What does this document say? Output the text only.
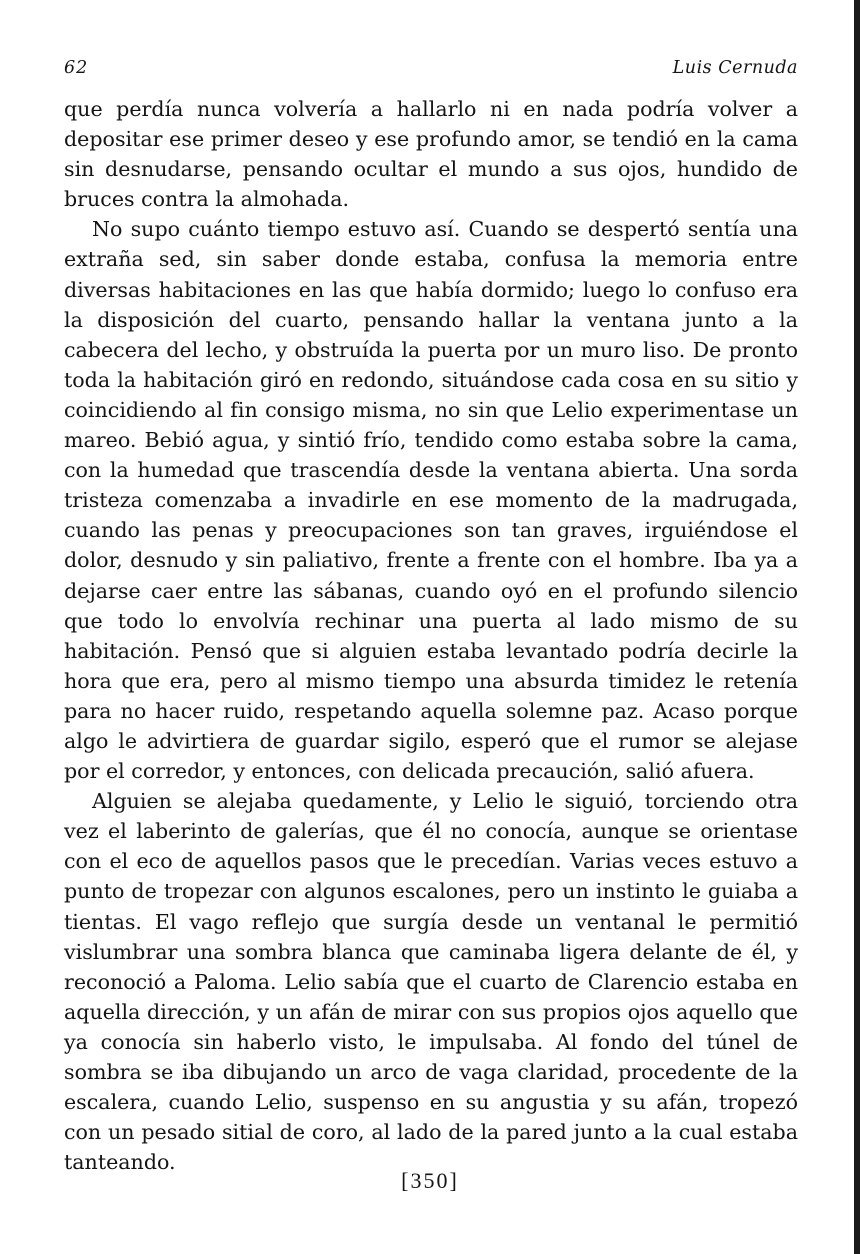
62	Luis Cernuda

que perdía nunca volvería a hallarlo ni en nada podría volver a depositar ese primer deseo y ese profundo amor, se tendió en la cama sin desnudarse, pensando ocultar el mundo a sus ojos, hundido de bruces contra la almohada.

No supo cuánto tiempo estuvo así. Cuando se despertó sentía una extraña sed, sin saber donde estaba, confusa la memoria entre diversas habitaciones en las que había dormido; luego lo confuso era la disposición del cuarto, pensando hallar la ventana junto a la cabecera del lecho, y obstruída la puerta por un muro liso. De pronto toda la habitación giró en redondo, situándose cada cosa en su sitio y coincidiendo al fin consigo misma, no sin que Lelio experimentase un mareo. Bebió agua, y sintió frío, tendido como estaba sobre la cama, con la humedad que trascendía desde la ventana abierta. Una sorda tristeza comenzaba a invadirle en ese momento de la madrugada, cuando las penas y preocupaciones son tan graves, irguiéndose el dolor, desnudo y sin paliativo, frente a frente con el hombre. Iba ya a dejarse caer entre las sábanas, cuando oyó en el profundo silencio que todo lo envolvía rechinar una puerta al lado mismo de su habitación. Pensó que si alguien estaba levantado podría decirle la hora que era, pero al mismo tiempo una absurda timidez le retenía para no hacer ruido, respetando aquella solemne paz. Acaso porque algo le advirtiera de guardar sigilo, esperó que el rumor se alejase por el corredor, y entonces, con delicada precaución, salió afuera.

Alguien se alejaba quedamente, y Lelio le siguió, torciendo otra vez el laberinto de galerías, que él no conocía, aunque se orientase con el eco de aquellos pasos que le precedían. Varias veces estuvo a punto de tropezar con algunos escalones, pero un instinto le guiaba a tientas. El vago reflejo que surgía desde un ventanal le permitió vislumbrar una sombra blanca que caminaba ligera delante de él, y reconoció a Paloma. Lelio sabía que el cuarto de Clarencio estaba en aquella dirección, y un afán de mirar con sus propios ojos aquello que ya conocía sin haberlo visto, le impulsaba. Al fondo del túnel de sombra se iba dibujando un arco de vaga claridad, procedente de la escalera, cuando Lelio, suspenso en su angustia y su afán, tropezó con un pesado sitial de coro, al lado de la pared junto a la cual estaba tanteando.

[350]
